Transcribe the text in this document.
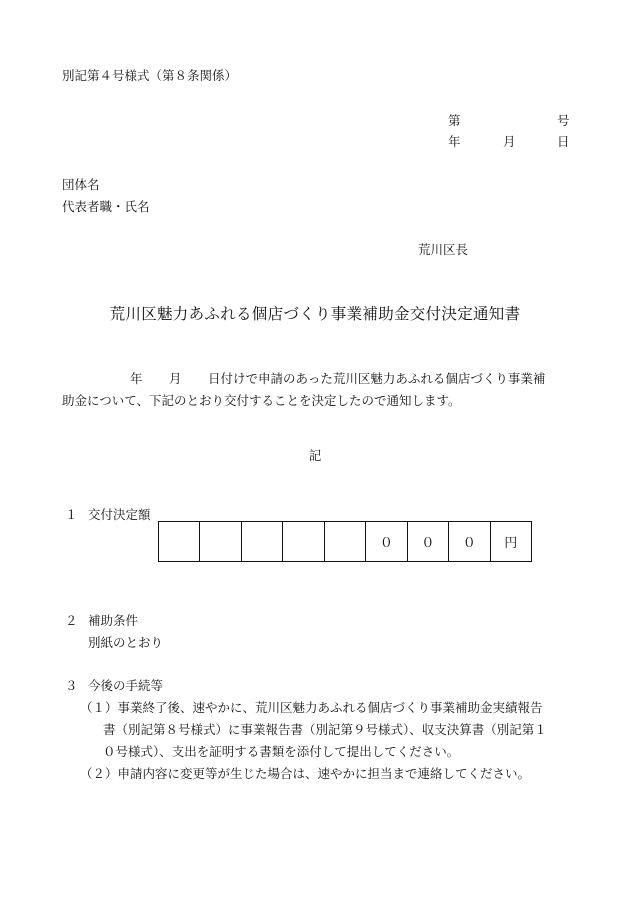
別記第４号様式（第８条関係）
第	号
年	月	日
団体名
代表者職・氏名
荒川区長
荒川区魅力あふれる個店づくり事業補助金交付決定通知書
年 月 日付けで申請のあった荒川区魅力あふれる個店づくり事業補
助金について、下記のとおり交付することを決定したので通知します。
記
１ 交付決定額
					０	０	０	円
２ 補助条件
別紙のとおり
３ 今後の手続等
（１）事業終了後、速やかに、荒川区魅力あふれる個店づくり事業補助金実績報告
書（別記第８号様式）に事業報告書（別記第９号様式）、収支決算書（別記第１
０号様式）、支出を証明する書類を添付して提出してください。
（２）申請内容に変更等が生じた場合は、速やかに担当まで連絡してください。
